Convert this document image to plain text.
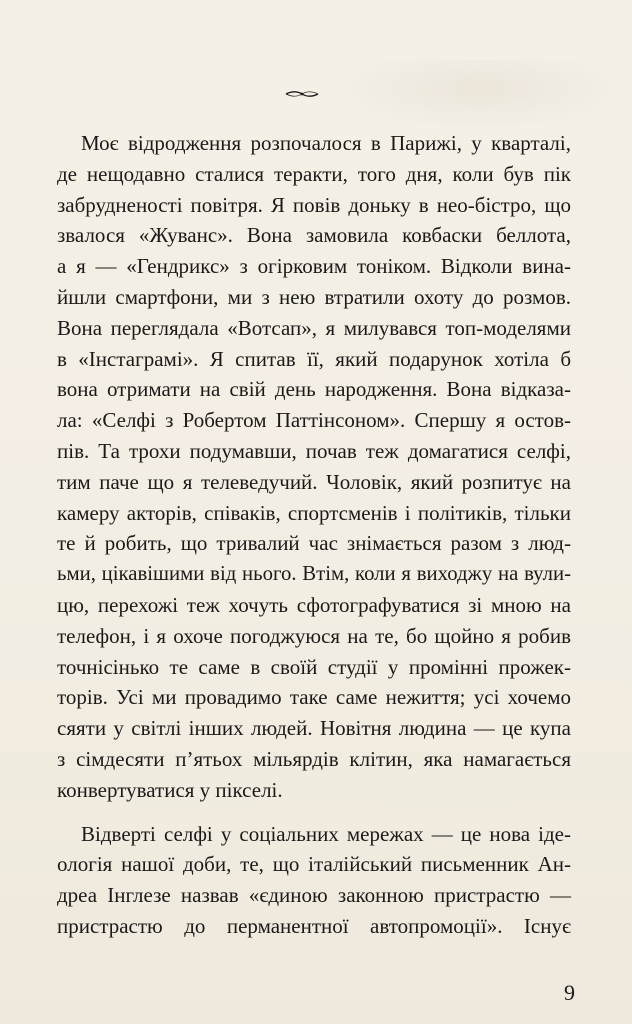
Моє відродження розпочалося в Парижі, у кварталі,
де нещодавно сталися теракти, того дня, коли був пік
забрудненості повітря. Я повів доньку в нео-бістро, що
звалося «Жуванс». Вона замовила ковбаски беллота,
а я — «Гендрикс» з огірковим тоніком. Відколи вина-
йшли смартфони, ми з нею втратили охоту до розмов.
Вона переглядала «Вотсап», я милувався топ-моделями
в «Інстаграмі». Я спитав її, який подарунок хотіла б
вона отримати на свій день народження. Вона відказа-
ла: «Селфі з Робертом Паттінсоном». Спершу я остов-
пів. Та трохи подумавши, почав теж домагатися селфі,
тим паче що я телеведучий. Чоловік, який розпитує на
камеру акторів, співаків, спортсменів і політиків, тільки
те й робить, що тривалий час знімається разом з люд-
ьми, цікавішими від нього. Втім, коли я виходжу на вули-
цю, перехожі теж хочуть сфотографуватися зі мною на
телефон, і я охоче погоджуюся на те, бо щойно я робив
точнісінько те саме в своїй студії у промінні прожек-
торів. Усі ми провадимо таке саме нежиття; усі хочемо
сяяти у світлі інших людей. Новітня людина — це купа
з сімдесяти п’ятьох мільярдів клітин, яка намагається
конвертуватися у пікселі.

Відверті селфі у соціальних мережах — це нова іде-
ологія нашої доби, те, що італійський письменник Ан-
дреа Інглезе назвав «єдиною законною пристрастю —
пристрастю до перманентної автопромоції». Існує

9
